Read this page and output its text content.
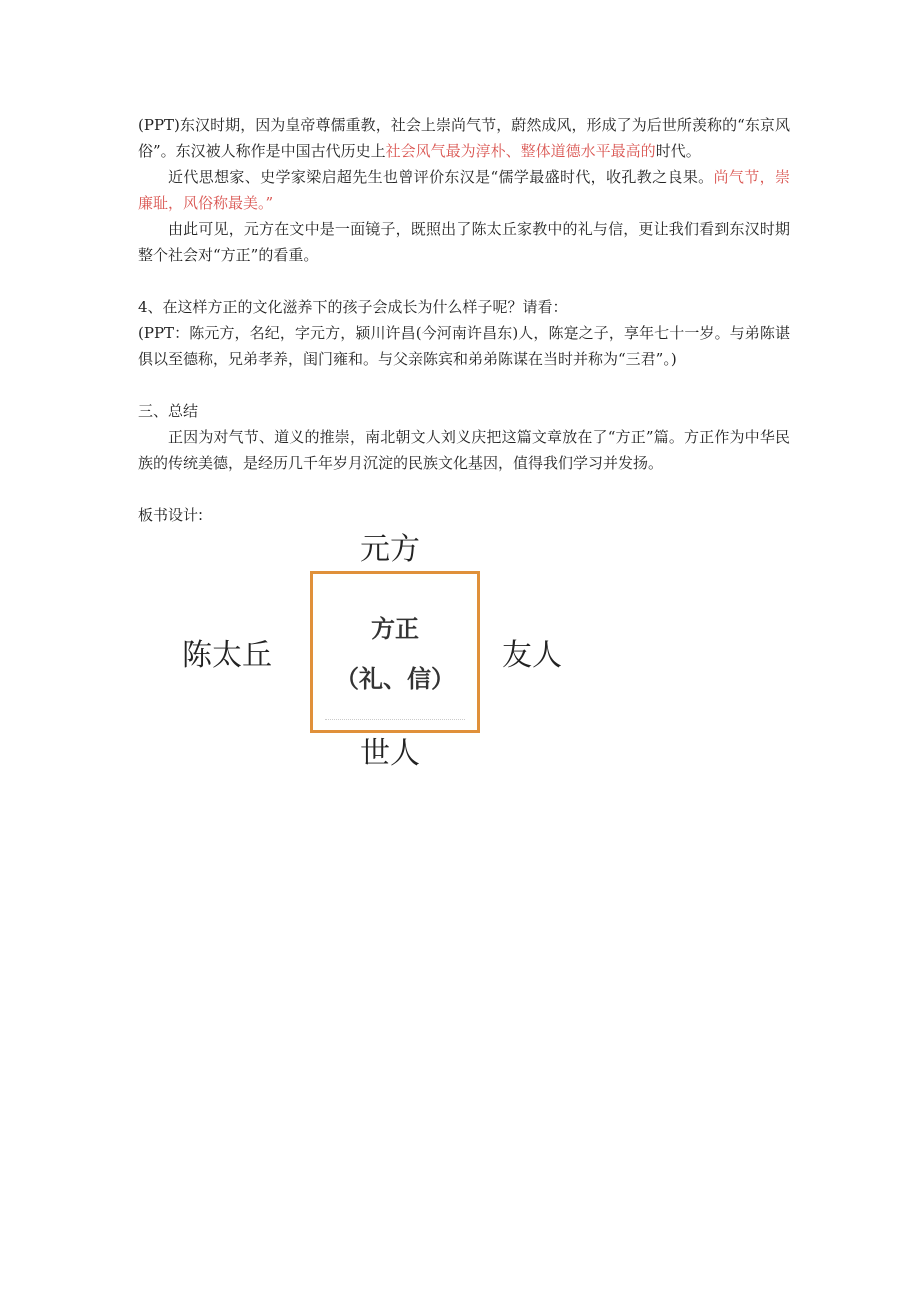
(PPT)东汉时期，因为皇帝尊儒重教，社会上崇尚气节，蔚然成风，形成了为后世所羡称的“东京风俗”。东汉被人称作是中国古代历史上社会风气最为淳朴、整体道德水平最高的时代。

近代思想家、史学家梁启超先生也曾评价东汉是“儒学最盛时代，收孔教之良果。尚气节，崇廉耻，风俗称最美。”

由此可见，元方在文中是一面镜子，既照出了陈太丘家教中的礼与信，更让我们看到东汉时期整个社会对“方正”的看重。

4、在这样方正的文化滋养下的孩子会成长为什么样子呢？请看：

(PPT：陈元方，名纪，字元方，颍川许昌(今河南许昌东)人，陈寔之子，享年七十一岁。与弟陈谌俱以至德称，兄弟孝养，闺门雍和。与父亲陈宾和弟弟陈谋在当时并称为“三君”。)

三、总结

正因为对气节、道义的推崇，南北朝文人刘义庆把这篇文章放在了“方正”篇。方正作为中华民族的传统美德，是经历几千年岁月沉淀的民族文化基因，值得我们学习并发扬。

板书设计:

元方
陈太丘	友人
世人
方正
（礼、信）
